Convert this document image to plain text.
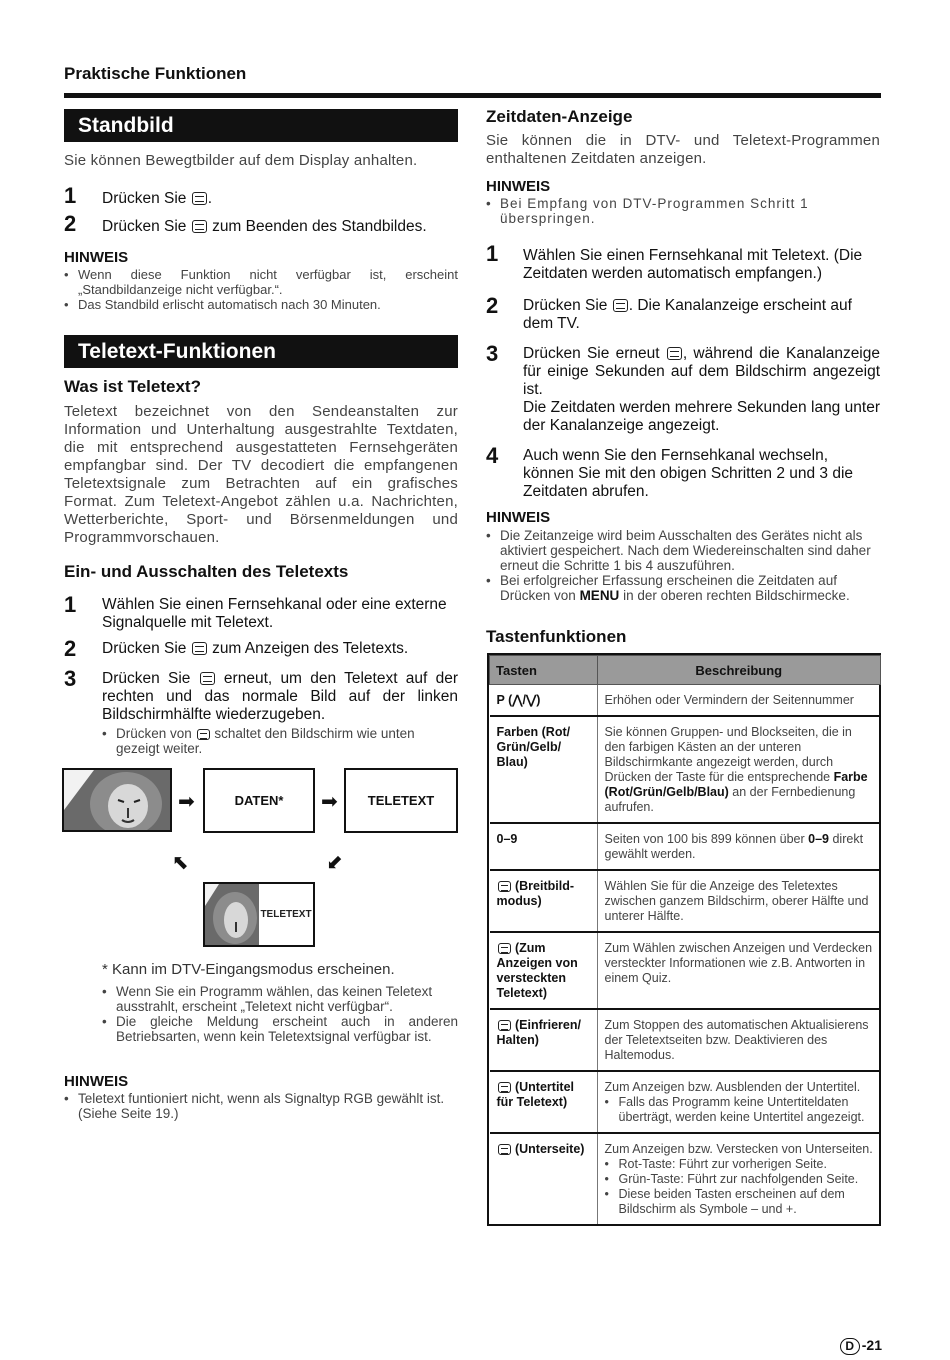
Praktische Funktionen
Standbild
Sie können Bewegtbilder auf dem Display anhalten.
1	Drücken Sie .
2	Drücken Sie zum Beenden des Standbildes.
HINWEIS
• Wenn diese Funktion nicht verfügbar ist, erscheint „Standbildanzeige nicht verfügbar.“.
• Das Standbild erlischt automatisch nach 30 Minuten.
Teletext-Funktionen
Was ist Teletext?
Teletext bezeichnet von den Sendeanstalten zur Information und Unterhaltung ausgestrahlte Textdaten, die mit entsprechend ausgestatteten Fernsehgeräten empfangbar sind. Der TV decodiert die empfangenen Teletextsignale zum Betrachten auf ein grafisches Format. Zum Teletext-Angebot zählen u.a. Nachrichten, Wetterberichte, Sport- und Börsenmeldungen und Programmvorschauen.
Ein- und Ausschalten des Teletexts
1	Wählen Sie einen Fernsehkanal oder eine externe Signalquelle mit Teletext.
2	Drücken Sie zum Anzeigen des Teletexts.
3	Drücken Sie erneut, um den Teletext auf der rechten und das normale Bild auf der linken Bildschirmhälfte wiederzugeben.
• Drücken von schaltet den Bildschirm wie unten gezeigt weiter.
➡	DATEN*	➡	TELETEXT
⬅	⬅
TELETEXT
* Kann im DTV-Eingangsmodus erscheinen.
• Wenn Sie ein Programm wählen, das keinen Teletext ausstrahlt, erscheint „Teletext nicht verfügbar“.
• Die gleiche Meldung erscheint auch in anderen Betriebsarten, wenn kein Teletextsignal verfügbar ist.
HINWEIS
• Teletext funtioniert nicht, wenn als Signaltyp RGB gewählt ist. (Siehe Seite 19.)
Zeitdaten-Anzeige
Sie können die in DTV- und Teletext-Programmen enthaltenen Zeitdaten anzeigen.
HINWEIS
• Bei Empfang von DTV-Programmen Schritt 1 überspringen.
1	Wählen Sie einen Fernsehkanal mit Teletext. (Die Zeitdaten werden automatisch empfangen.)
2	Drücken Sie . Die Kanalanzeige erscheint auf dem TV.
3	Drücken Sie erneut , während die Kanalanzeige für einige Sekunden auf dem Bildschirm angezeigt ist.
Die Zeitdaten werden mehrere Sekunden lang unter der Kanalanzeige angezeigt.
4	Auch wenn Sie den Fernsehkanal wechseln, können Sie mit den obigen Schritten 2 und 3 die Zeitdaten abrufen.
HINWEIS
• Die Zeitanzeige wird beim Ausschalten des Gerätes nicht als aktiviert gespeichert. Nach dem Wiedereinschalten sind daher erneut die Schritte 1 bis 4 auszuführen.
• Bei erfolgreicher Erfassung erscheinen die Zeitdaten auf Drücken von MENU in der oberen rechten Bildschirmecke.
Tastenfunktionen
Tasten	Beschreibung
P (⋀/⋁)	Erhöhen oder Vermindern der Seitennummer
Farben (Rot/ Grün/Gelb/ Blau)	Sie können Gruppen- und Blockseiten, die in den farbigen Kästen an der unteren Bildschirmkante angezeigt werden, durch Drücken der Taste für die entsprechende Farbe (Rot/Grün/Gelb/Blau) an der Fernbedienung aufrufen.
0–9	Seiten von 100 bis 899 können über 0–9 direkt gewählt werden.
(Breitbild-modus)	Wählen Sie für die Anzeige des Teletextes zwischen ganzem Bildschirm, oberer Hälfte und unterer Hälfte.
(Zum Anzeigen von versteckten Teletext)	Zum Wählen zwischen Anzeigen und Verdecken versteckter Informationen wie z.B. Antworten in einem Quiz.
(Einfrieren/ Halten)	Zum Stoppen des automatischen Aktualisierens der Teletextseiten bzw. Deaktivieren des Haltemodus.
(Untertitel für Teletext)	Zum Anzeigen bzw. Ausblenden der Untertitel.
• Falls das Programm keine Untertiteldaten überträgt, werden keine Untertitel angezeigt.

(Unterseite)	Zum Anzeigen bzw. Verstecken von Unterseiten.
• Rot-Taste: Führt zur vorherigen Seite.
• Grün-Taste: Führt zur nachfolgenden Seite.
• Diese beiden Tasten erscheinen auf dem Bildschirm als Symbole – und +.
D -21
